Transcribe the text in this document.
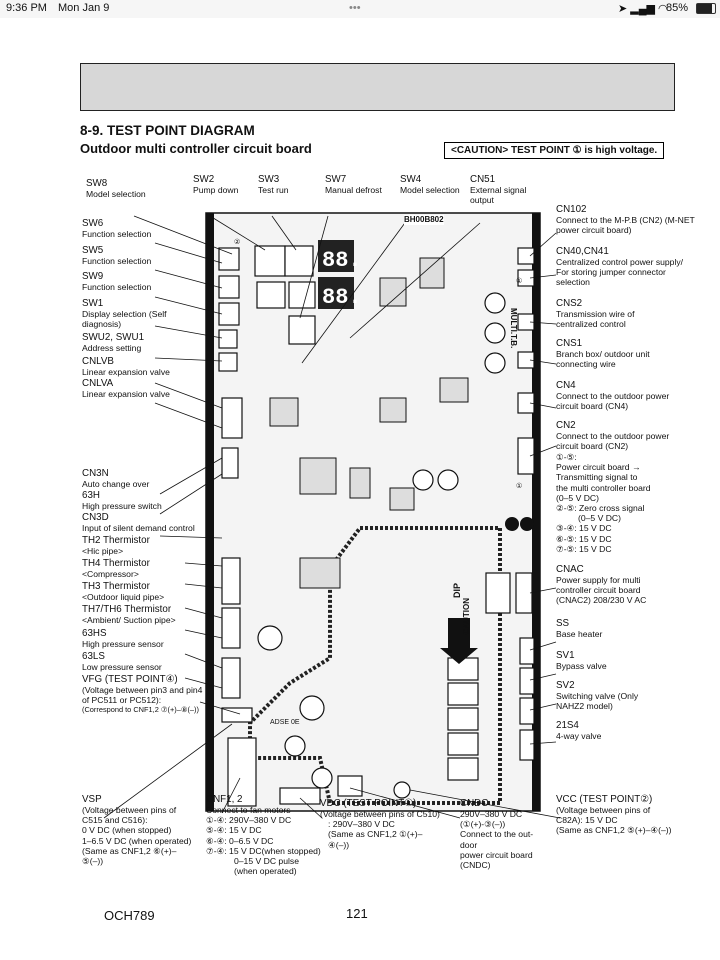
9:36 PM Mon Jan 9	•••	➤ ▂▄▆ ◠
85%
8-9. TEST POINT DIAGRAM
Outdoor multi controller circuit board	<CAUTION> TEST POINT ① is high voltage.
88.
88.
②
①
①
BH00B802
MULTI.T.B.
DIP
CAUTION
ADSE 0E
SW8
Model selection
SW2
Pump down
SW3
Test run
SW7
Manual defrost
SW4
Model selection
CN51
External signal output
SW6
Function selection
SW5
Function selection
SW9
Function selection
SW1
Display selection (Self diagnosis)
SWU2, SWU1
Address setting
CNLVB
Linear expansion valve
CNLVA
Linear expansion valve
CN3N
Auto change over
63H
High pressure switch
CN3D
Input of silent demand control
TH2 Thermistor
<Hic pipe>
TH4 Thermistor
<Compressor>
TH3 Thermistor
<Outdoor liquid pipe>
TH7/TH6 Thermistor
<Ambient/ Suction pipe>
63HS
High pressure sensor
63LS
Low pressure sensor
VFG (TEST POINT④)
(Voltage between pin3 and pin4 of PC511 or PC512):
(Correspond to CNF1,2 ⑦(+)–⑧(–))
CN102
Connect to the M-P.B (CN2) (M-NET power circuit board)
CN40,CN41
Centralized control power supply/ For storing jumper connector selection
CNS2
Transmission wire of centralized control
CNS1
Branch box/ outdoor unit connecting wire
CN4
Connect to the outdoor power circuit board (CN4)
CN2
Connect to the outdoor power circuit board (CN2)
①-⑤:
Power circuit board →
Transmitting signal to
the multi controller board
(0–5 V DC)
②-⑤: Zero cross signal
(0–5 V DC)
③-④: 15 V DC
⑥-⑤: 15 V DC
⑦-⑤: 15 V DC
CNAC
Power supply for multi controller circuit board (CNAC2) 208/230 V AC
SS
Base heater
SV1
Bypass valve
SV2
Switching valve (Only NAHZ2 model)
21S4
4-way valve
VSP
(Voltage between pins of
C515 and C516):
0 V DC (when stopped)
1–6.5 V DC (when operated)
(Same as CNF1,2 ⑥(+)–
⑤(–))
CNF1, 2
Connect to fan motors
①-④: 290V–380 V DC
⑤-④: 15 V DC
⑥-④: 0–6.5 V DC
⑦-④: 15 V DC(when stopped)
0–15 V DC pulse
(when operated)
VDC (TEST POINT①)
(Voltage between pins of C510)
: 290V–380 V DC
(Same as CNF1,2 ①(+)–
④(–))
CNDC
290V–380 V DC
(①(+)-③(–))
Connect to the out-
door
power circuit board
(CNDC)
VCC (TEST POINT②)
(Voltage between pins of
C82A): 15 V DC
(Same as CNF1,2 ⑤(+)–④(–))
OCH789	121
